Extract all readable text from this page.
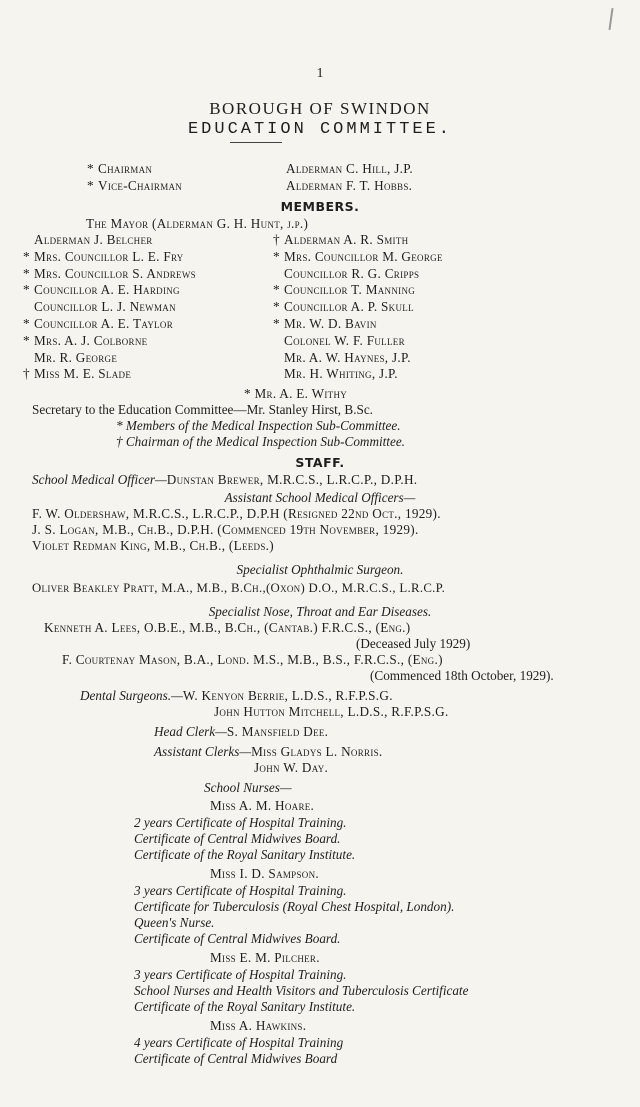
1
BOROUGH OF SWINDON
EDUCATION COMMITTEE.
* Chairman	Alderman C. Hill, J.P.
* Vice-Chairman	Alderman F. T. Hobbs.
MEMBERS.
The Mayor (Alderman G. H. Hunt, j.p.)
Alderman J. Belcher
* Mrs. Councillor L. E. Fry
* Mrs. Councillor S. Andrews
* Councillor A. E. Harding
Councillor L. J. Newman
* Councillor A. E. Taylor
* Mrs. A. J. Colborne
Mr. R. George
† Miss M. E. Slade
† Alderman A. R. Smith
* Mrs. Councillor M. George
Councillor R. G. Cripps
* Councillor T. Manning
* Councillor A. P. Skull
* Mr. W. D. Bavin
Colonel W. F. Fuller
Mr. A. W. Haynes, J.P.
Mr. H. Whiting, J.P.
* Mr. A. E. Withy
Secretary to the Education Committee—Mr. Stanley Hirst, B.Sc.
* Members of the Medical Inspection Sub-Committee.
† Chairman of the Medical Inspection Sub-Committee.
STAFF.
School Medical Officer—Dunstan Brewer, M.R.C.S., L.R.C.P., D.P.H.
Assistant School Medical Officers—
F. W. Oldershaw, M.R.C.S., L.R.C.P., D.P.H (Resigned 22nd Oct., 1929).
J. S. Logan, M.B., Ch.B., D.P.H. (Commenced 19th November, 1929).
Violet Redman King, M.B., Ch.B., (Leeds.)
Specialist Ophthalmic Surgeon.
Oliver Beakley Pratt, M.A., M.B., B.Ch.,(Oxon) D.O., M.R.C.S., L.R.C.P.
Specialist Nose, Throat and Ear Diseases.
Kenneth A. Lees, O.B.E., M.B., B.Ch., (Cantab.) F.R.C.S., (Eng.)
(Deceased July 1929)
F. Courtenay Mason, B.A., Lond. M.S., M.B., B.S., F.R.C.S., (Eng.)
(Commenced 18th October, 1929).
Dental Surgeons.—W. Kenyon Berrie, L.D.S., R.F.P.S.G.
John Hutton Mitchell, L.D.S., R.F.P.S.G.
Head Clerk—S. Mansfield Dee.
Assistant Clerks—Miss Gladys L. Norris.
John W. Day.
School Nurses—
Miss A. M. Hoare.
2 years Certificate of Hospital Training.
Certificate of Central Midwives Board.
Certificate of the Royal Sanitary Institute.
Miss I. D. Sampson.
3 years Certificate of Hospital Training.
Certificate for Tuberculosis (Royal Chest Hospital, London).
Queen's Nurse.
Certificate of Central Midwives Board.
Miss E. M. Pilcher.
3 years Certificate of Hospital Training.
School Nurses and Health Visitors and Tuberculosis Certificate
Certificate of the Royal Sanitary Institute.
Miss A. Hawkins.
4 years Certificate of Hospital Training
Certificate of Central Midwives Board
